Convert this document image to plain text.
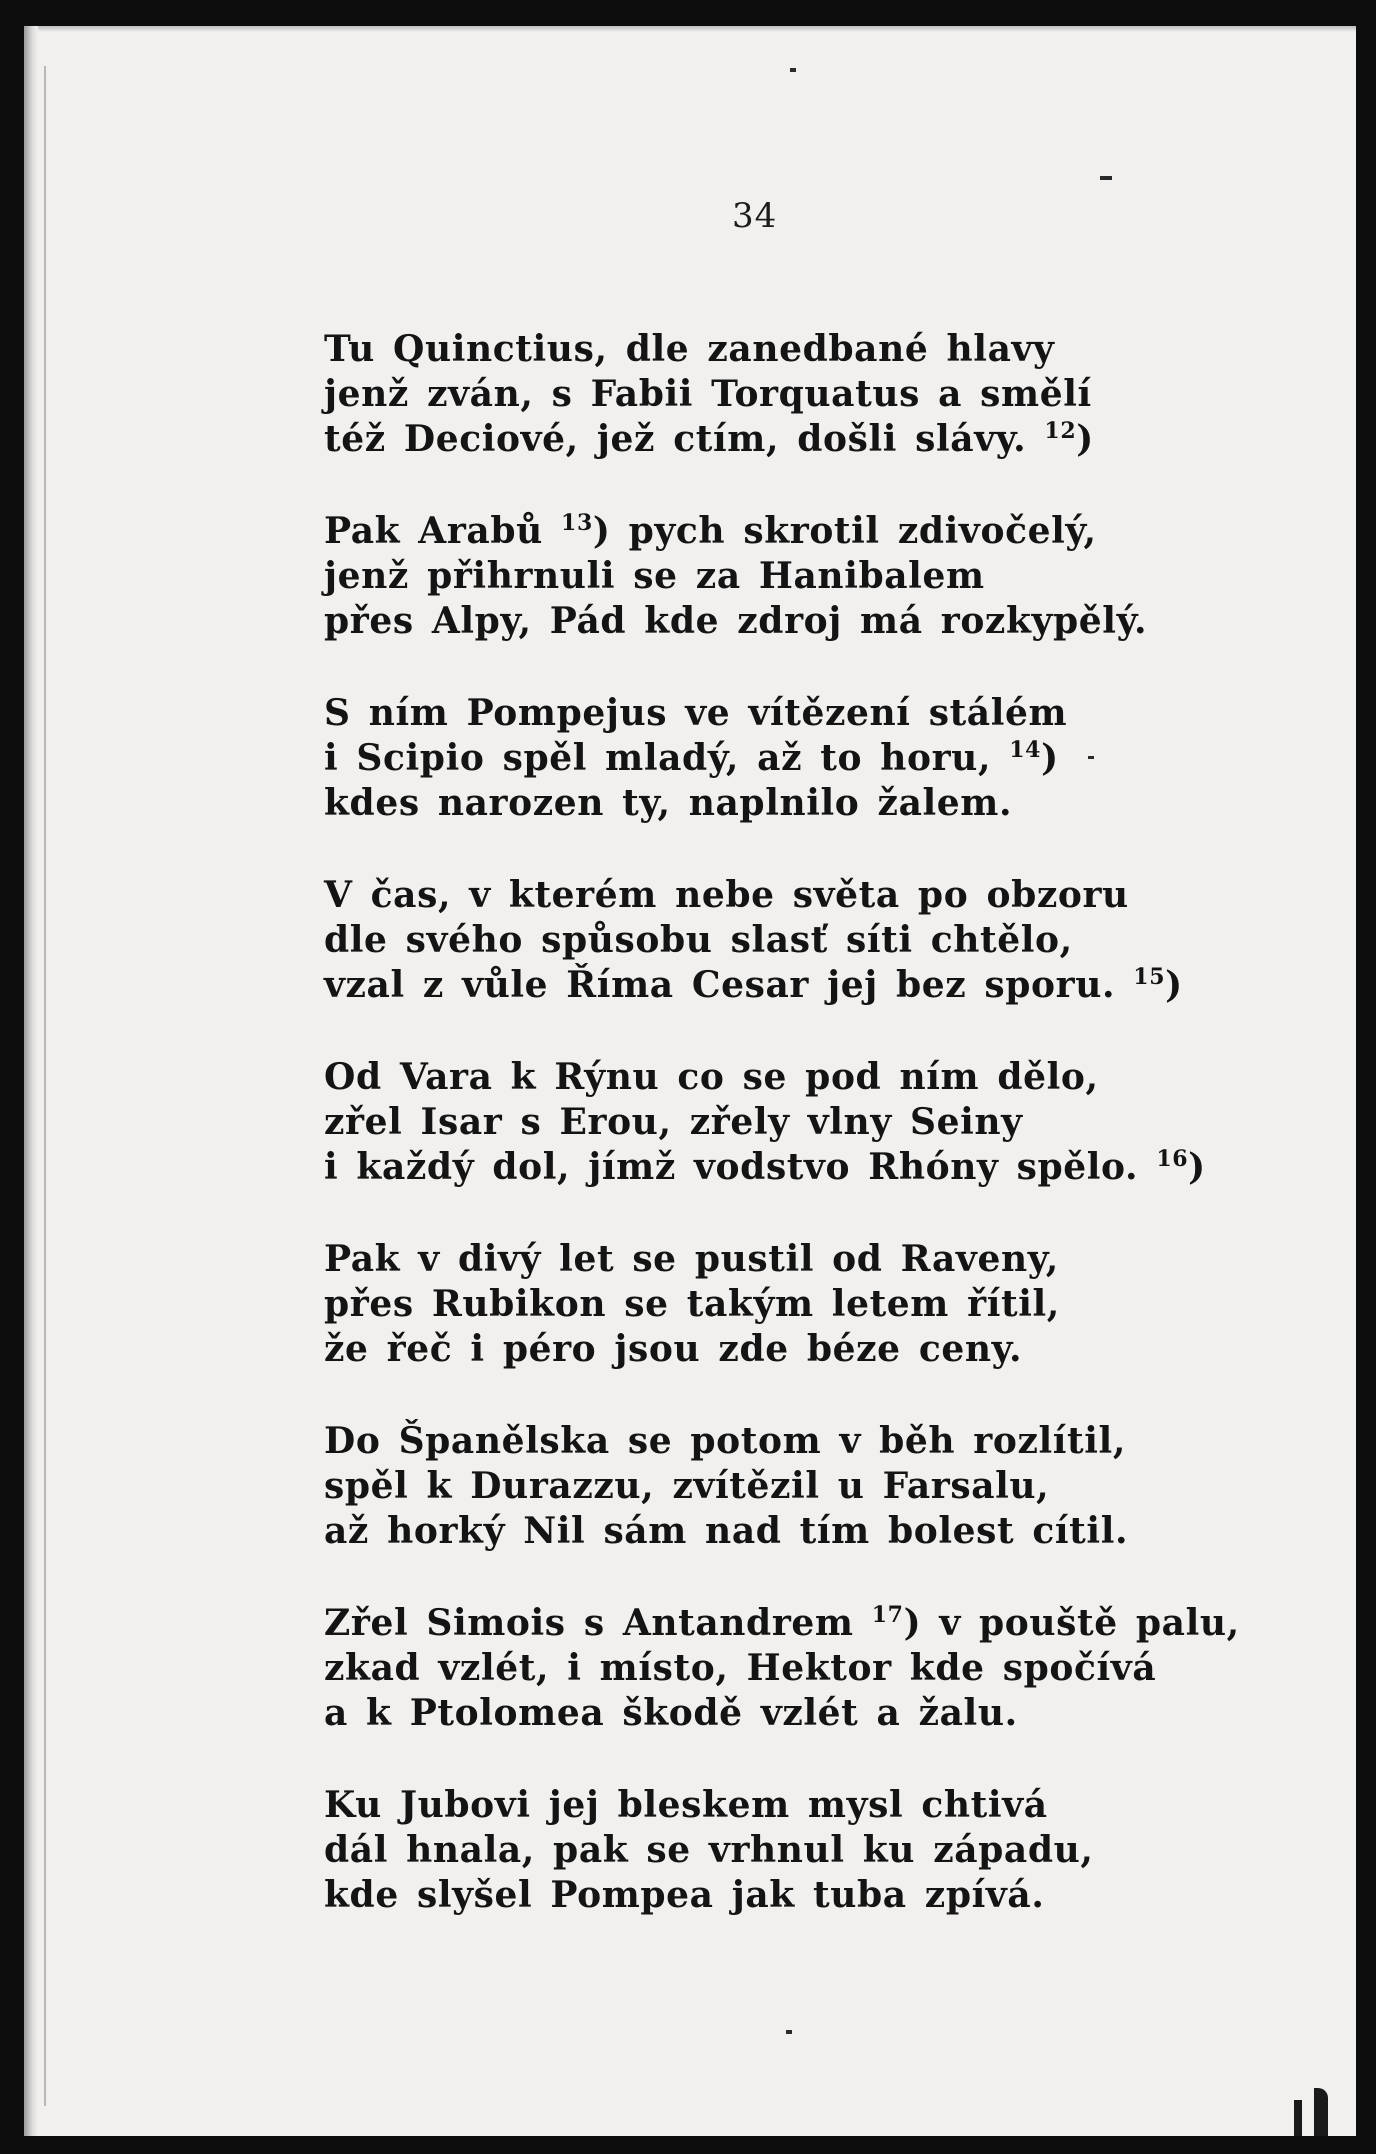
34
Tu Quinctius, dle zanedbané hlavy
jenž zván, s Fabii Torquatus a smělí
též Deciové, jež ctím, došli slávy. $^{12}$)
Pak Arabů $^{13}$) pych skrotil zdivočelý,
jenž přihrnuli se za Hanibalem
přes Alpy, Pád kde zdroj má rozkypělý.
S ním Pompejus ve vítězení stálém
i Scipio spěl mladý, až to horu, $^{14}$)
kdes narozen ty, naplnilo žalem.
V čas, v kterém nebe světa po obzoru
dle svého spůsobu slasť síti chtělo,
vzal z vůle Říma Cesar jej bez sporu. $^{15}$)
Od Vara k Rýnu co se pod ním dělo,
zřel Isar s Erou, zřely vlny Seiny
i každý dol, jímž vodstvo Rhóny spělo. $^{16}$)
Pak v divý let se pustil od Raveny,
přes Rubikon se takým letem řítil,
že řeč i péro jsou zde béze ceny.
Do Španělska se potom v běh rozlítil,
spěl k Durazzu, zvítězil u Farsalu,
až horký Nil sám nad tím bolest cítil.
Zřel Simois s Antandrem $^{17}$) v pouště palu,
zkad vzlét, i místo, Hektor kde spočívá
a k Ptolomea škodě vzlét a žalu.
Ku Jubovi jej bleskem mysl chtivá
dál hnala, pak se vrhnul ku západu,
kde slyšel Pompea jak tuba zpívá.
